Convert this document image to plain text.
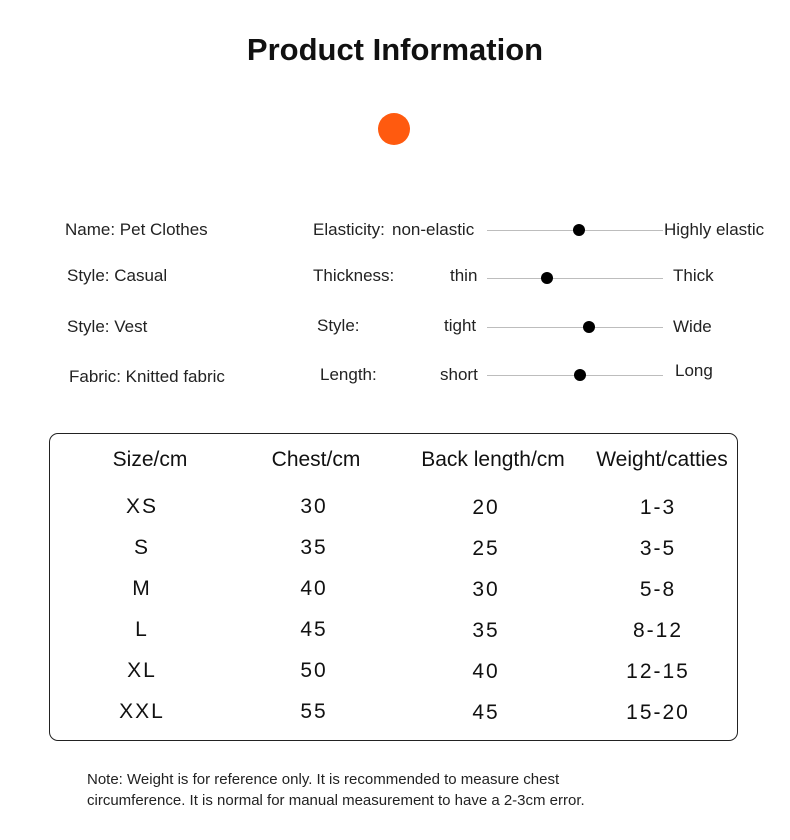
Product Information
Name: Pet Clothes
Style: Casual
Style: Vest
Fabric: Knitted fabric
Elasticity: non-elastic	Highly elastic
Thickness:	thin	Thick
Style:	tight	Wide
Length:	short	Long
Size/cm	Chest/cm	Back length/cm	Weight/catties
XS	30	20	1-3
S	35	25	3-5
M	40	30	5-8
L	45	35	8-12
XL	50	40	12-15
XXL	55	45	15-20
Note: Weight is for reference only. It is recommended to measure chest
circumference. It is normal for manual measurement to have a 2-3cm error.
